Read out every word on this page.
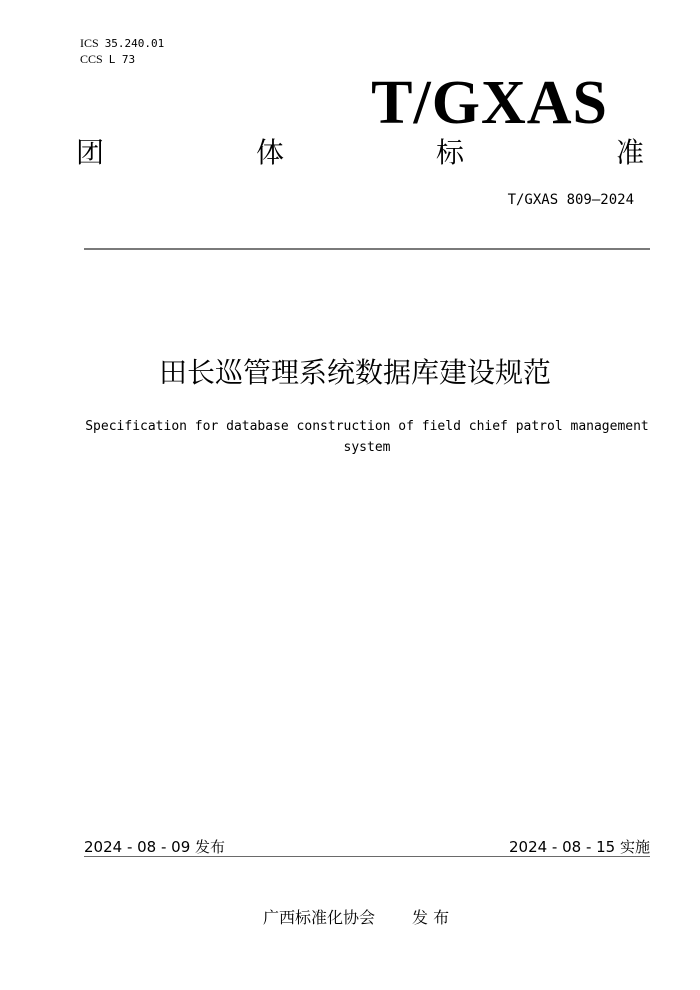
ICS 35.240.01
CCS L 73
T/GXAS
团	体	标	准
T/GXAS 809—2024
田长巡管理系统数据库建设规范
Specification for database construction of field chief patrol management system
2024 - 08 - 09 发布	2024 - 08 - 15 实施
广西标准化协会 发 布
